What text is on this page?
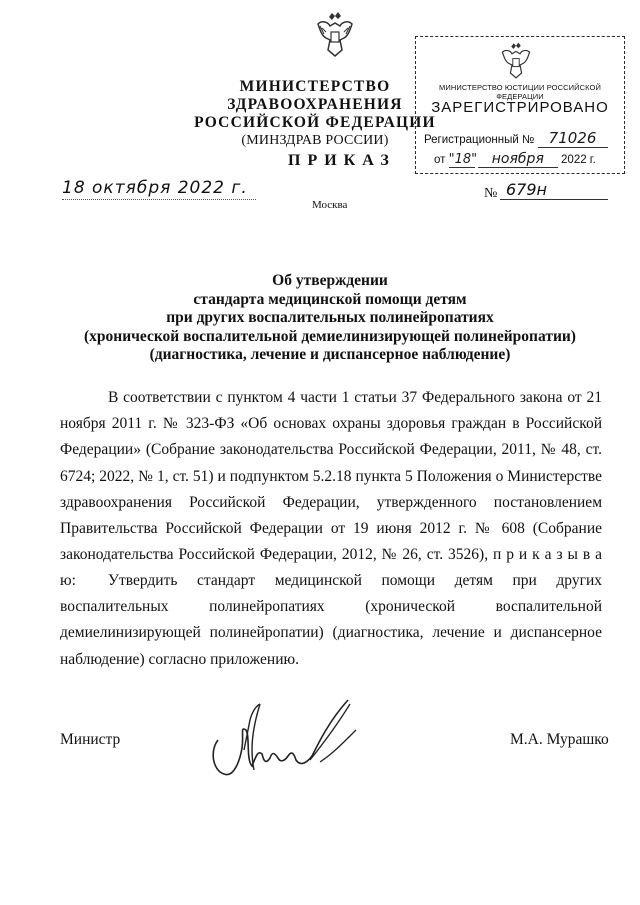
МИНИСТЕРСТВО ЗДРАВООХРАНЕНИЯ
РОССИЙСКОЙ ФЕДЕРАЦИИ
(МИНЗДРАВ РОССИИ)
ПРИКАЗ
МИНИСТЕРСТВО ЮСТИЦИИ РОССИЙСКОЙ ФЕДЕРАЦИИ
ЗАРЕГИСТРИРОВАНО
Регистрационный № 71026
от "18" ноября 2022 г.
18 октября 2022 г.
Москва
№ 679н
Об утверждении
стандарта медицинской помощи детям
при других воспалительных полинейропатиях
(хронической воспалительной демиелинизирующей полинейропатии)
(диагностика, лечение и диспансерное наблюдение)
В соответствии с пунктом 4 части 1 статьи 37 Федерального закона от 21 ноября 2011 г. № 323-ФЗ «Об основах охраны здоровья граждан в Российской Федерации» (Собрание законодательства Российской Федерации, 2011, № 48, ст. 6724; 2022, № 1, ст. 51) и подпунктом 5.2.18 пункта 5 Положения о Министерстве здравоохранения Российской Федерации, утвержденного постановлением Правительства Российской Федерации от 19 июня 2012 г. № 608 (Собрание законодательства Российской Федерации, 2012, № 26, ст. 3526), п р и к а з ы в а ю:	Утвердить стандарт медицинской помощи детям при других воспалительных полинейропатиях (хронической воспалительной демиелинизирующей полинейропатии) (диагностика, лечение и диспансерное наблюдение) согласно приложению.
Министр	М.А. Мурашко
